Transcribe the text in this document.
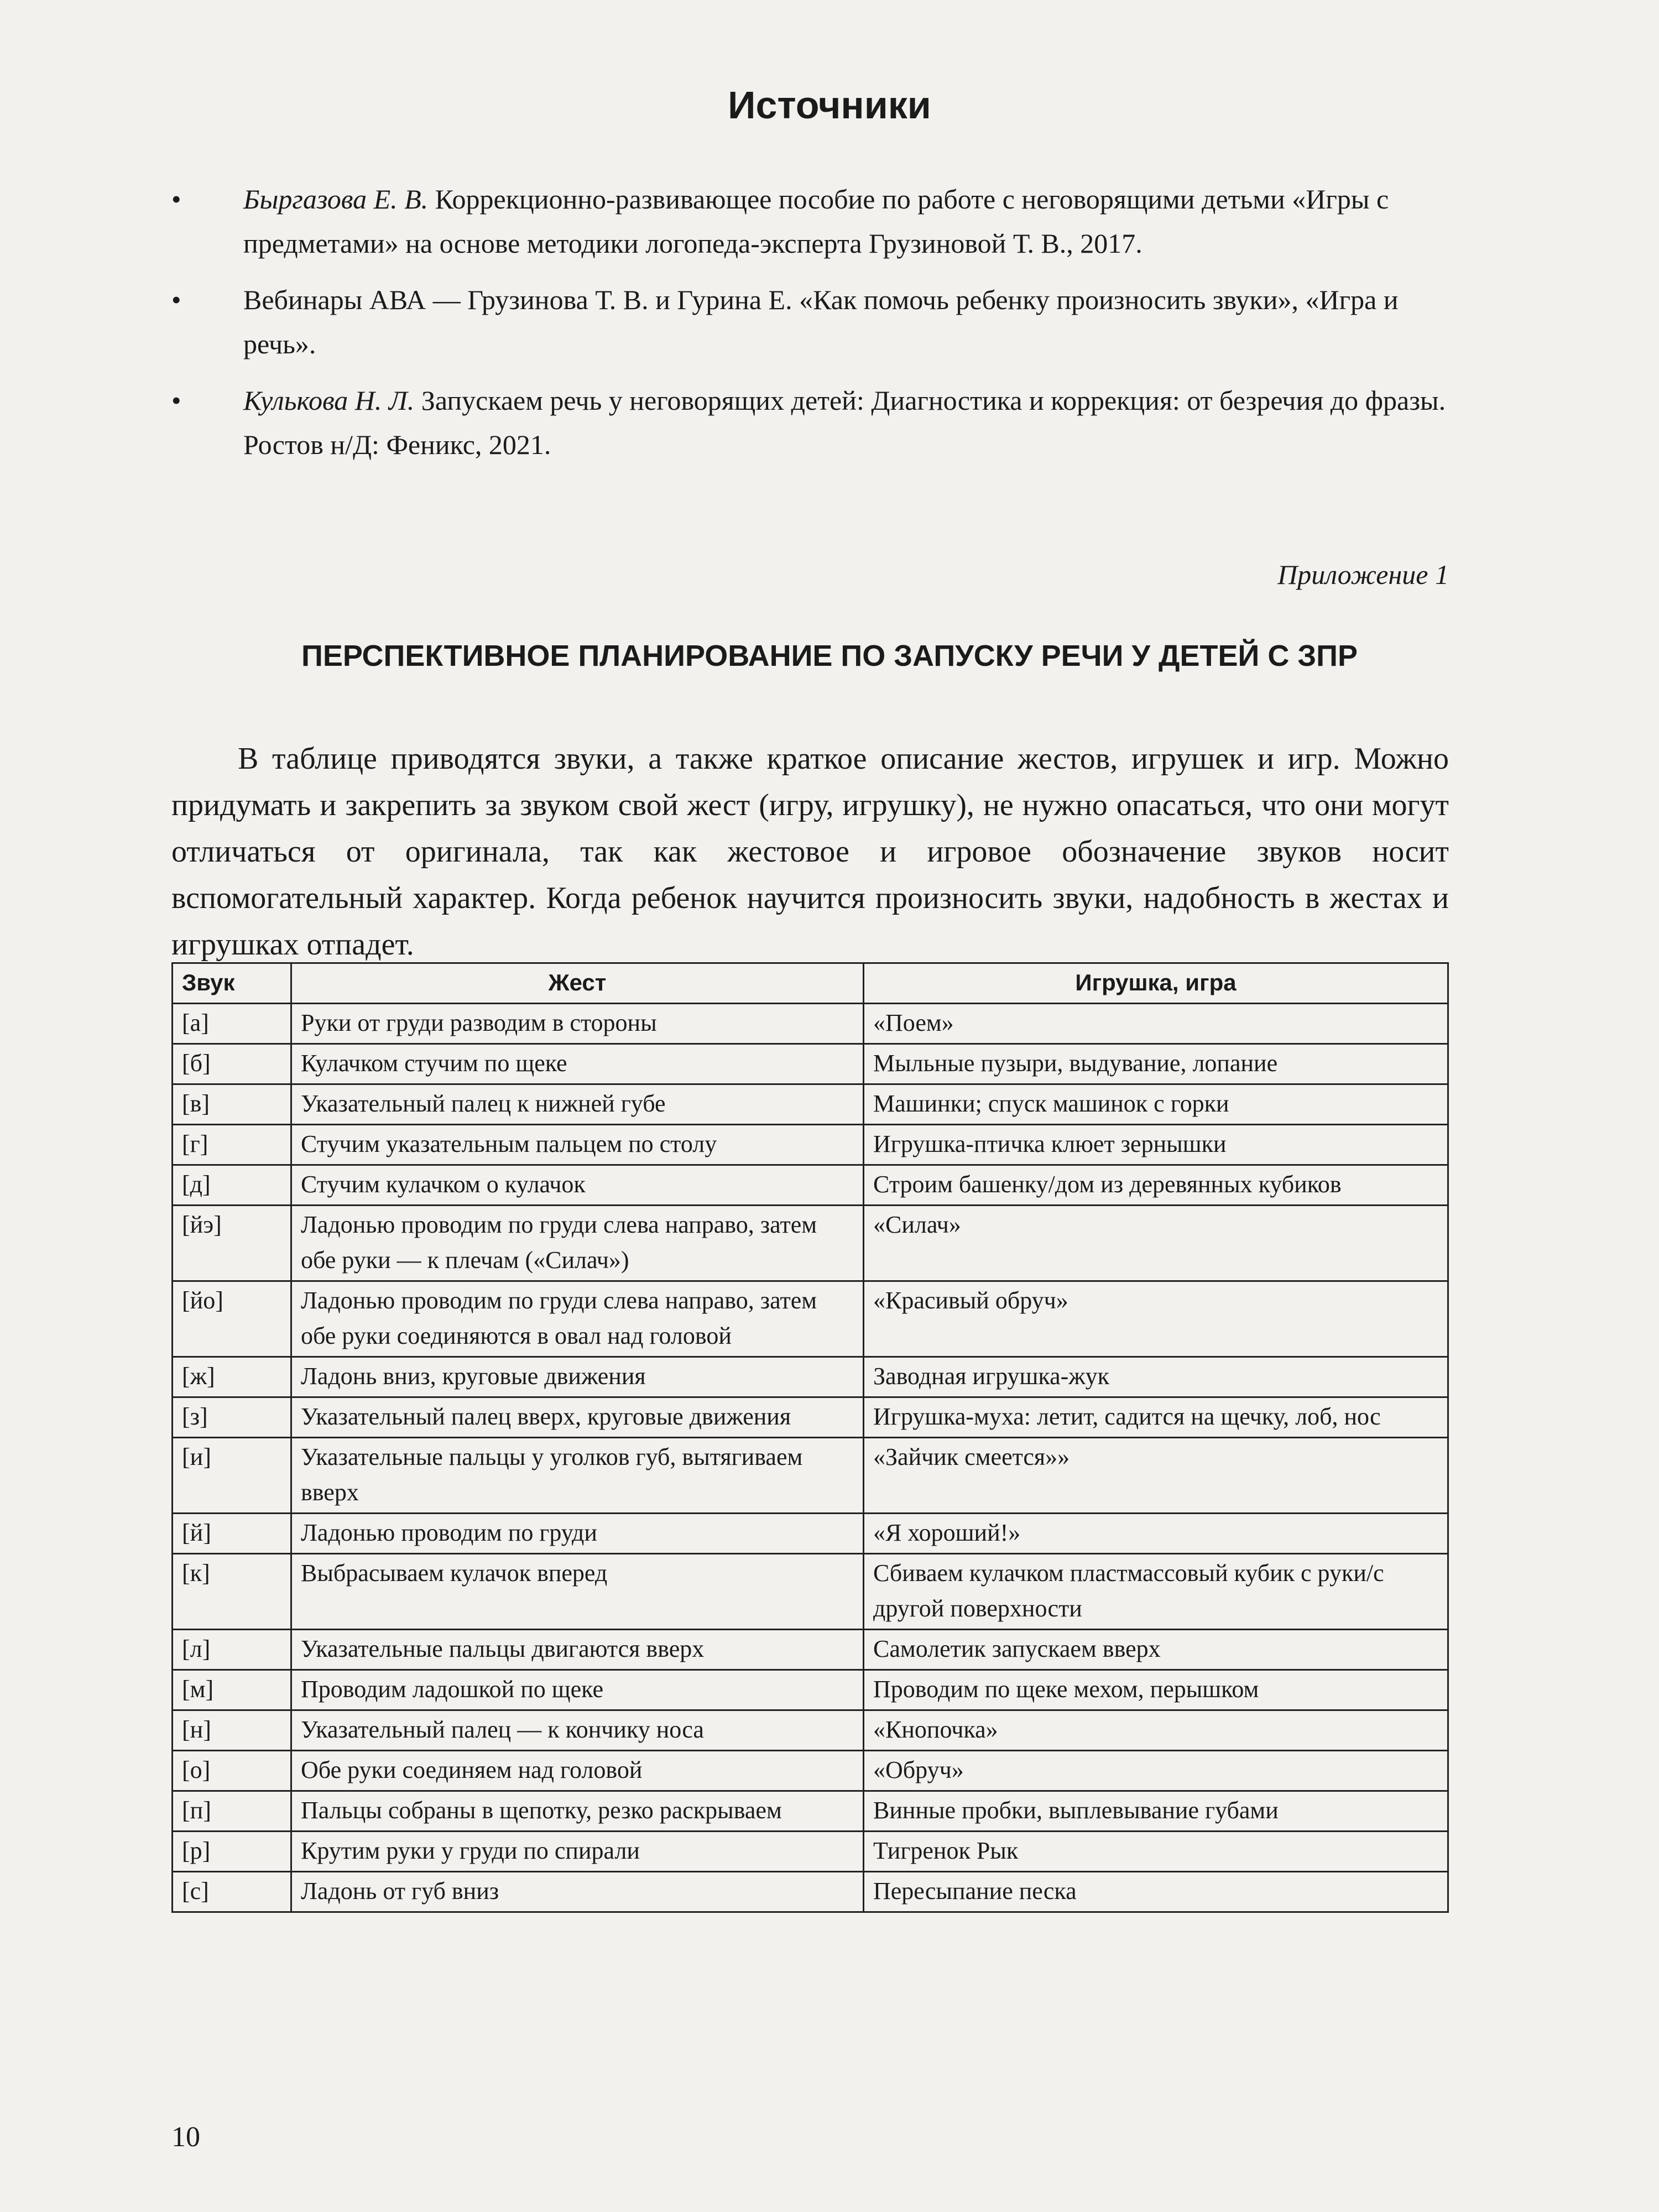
Источники
• Быргазова Е. В. Коррекционно-развивающее пособие по работе с неговорящими детьми «Игры с предметами» на основе методики логопеда-эксперта Грузиновой Т. В., 2017.
• Вебинары АВА — Грузинова Т. В. и Гурина Е. «Как помочь ребенку произносить звуки», «Игра и речь».
• Кулькова Н. Л. Запускаем речь у неговорящих детей: Диагностика и коррекция: от безречия до фразы. Ростов н/Д: Феникс, 2021.
Приложение 1
ПЕРСПЕКТИВНОЕ ПЛАНИРОВАНИЕ ПО ЗАПУСКУ РЕЧИ У ДЕТЕЙ С ЗПР
В таблице приводятся звуки, а также краткое описание жестов, игрушек и игр. Можно придумать и закрепить за звуком свой жест (игру, игрушку), не нужно опасаться, что они могут отличаться от оригинала, так как жестовое и игровое обозначение звуков носит вспомогательный характер. Когда ребенок научится произносить звуки, надобность в жестах и игрушках отпадет.
Звук	Жест	Игрушка, игра
[а]	Руки от груди разводим в стороны	«Поем»
[б]	Кулачком стучим по щеке	Мыльные пузыри, выдувание, лопание
[в]	Указательный палец к нижней губе	Машинки; спуск машинок с горки
[г]	Стучим указательным пальцем по столу	Игрушка-птичка клюет зернышки
[д]	Стучим кулачком о кулачок	Строим башенку/дом из деревянных кубиков
[йэ]	Ладонью проводим по груди слева направо, затем обе руки — к плечам («Силач»)	«Силач»
[йо]	Ладонью проводим по груди слева направо, затем обе руки соединяются в овал над головой	«Красивый обруч»
[ж]	Ладонь вниз, круговые движения	Заводная игрушка-жук
[з]	Указательный палец вверх, круговые движения	Игрушка-муха: летит, садится на щечку, лоб, нос
[и]	Указательные пальцы у уголков губ, вытягиваем вверх	«Зайчик смеется»»
[й]	Ладонью проводим по груди	«Я хороший!»
[к]	Выбрасываем кулачок вперед	Сбиваем кулачком пластмассовый кубик с руки/с другой поверхности
[л]	Указательные пальцы двигаются вверх	Самолетик запускаем вверх
[м]	Проводим ладошкой по щеке	Проводим по щеке мехом, перышком
[н]	Указательный палец — к кончику носа	«Кнопочка»
[о]	Обе руки соединяем над головой	«Обруч»
[п]	Пальцы собраны в щепотку, резко раскрываем	Винные пробки, выплевывание губами
[р]	Крутим руки у груди по спирали	Тигренок Рык
[с]	Ладонь от губ вниз	Пересыпание песка
10
